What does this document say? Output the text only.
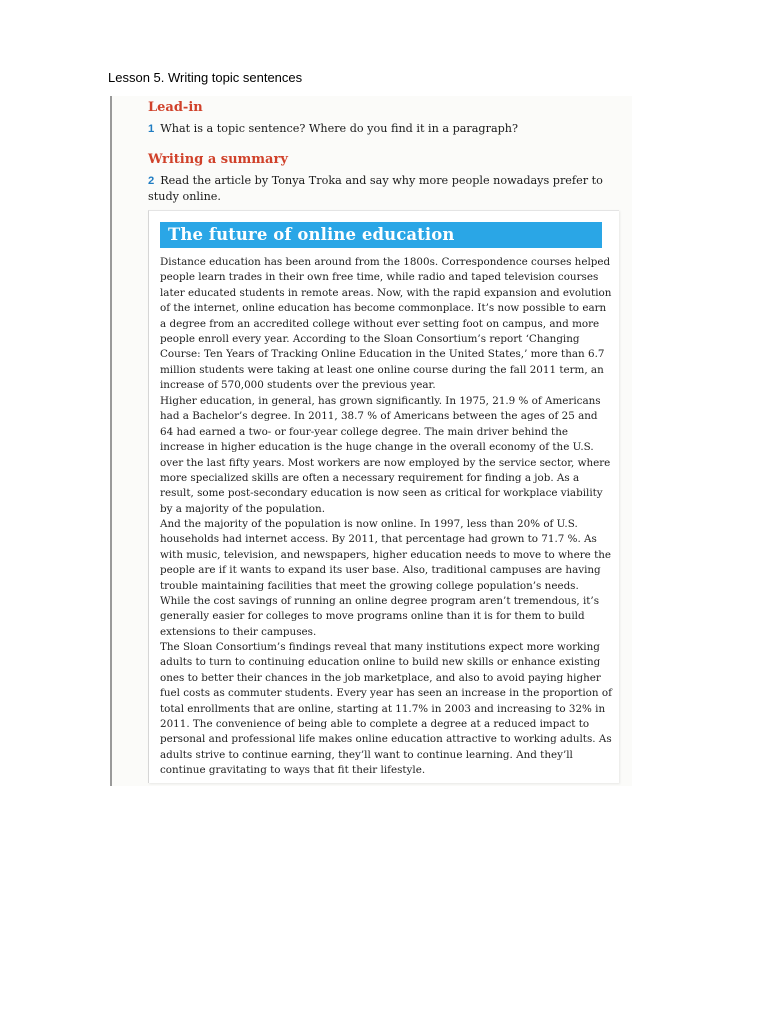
Lesson 5. Writing topic sentences
Lead-in
1 What is a topic sentence? Where do you find it in a paragraph?
Writing a summary
2 Read the article by Tonya Troka and say why more people nowadays prefer to study online.
The future of online education
Distance education has been around from the 1800s. Correspondence courses helped people learn trades in their own free time, while radio and taped television courses later educated students in remote areas. Now, with the rapid expansion and evolution of the internet, online education has become commonplace. It’s now possible to earn a degree from an accredited college without ever setting foot on campus, and more people enroll every year. According to the Sloan Consortium’s report ‘Changing Course: Ten Years of Tracking Online Education in the United States,’ more than 6.7 million students were taking at least one online course during the fall 2011 term, an increase of 570,000 students over the previous year.
Higher education, in general, has grown significantly. In 1975, 21.9 % of Americans had a Bachelor’s degree. In 2011, 38.7 % of Americans between the ages of 25 and 64 had earned a two- or four-year college degree. The main driver behind the increase in higher education is the huge change in the overall economy of the U.S. over the last fifty years. Most workers are now employed by the service sector, where more specialized skills are often a necessary requirement for finding a job. As a result, some post-secondary education is now seen as critical for workplace viability by a majority of the population.
And the majority of the population is now online. In 1997, less than 20% of U.S. households had internet access. By 2011, that percentage had grown to 71.7 %. As with music, television, and newspapers, higher education needs to move to where the people are if it wants to expand its user base. Also, traditional campuses are having trouble maintaining facilities that meet the growing college population’s needs. While the cost savings of running an online degree program aren’t tremendous, it’s generally easier for colleges to move programs online than it is for them to build extensions to their campuses.
The Sloan Consortium’s findings reveal that many institutions expect more working adults to turn to continuing education online to build new skills or enhance existing ones to better their chances in the job marketplace, and also to avoid paying higher fuel costs as commuter students. Every year has seen an increase in the proportion of total enrollments that are online, starting at 11.7% in 2003 and increasing to 32% in 2011. The convenience of being able to complete a degree at a reduced impact to personal and professional life makes online education attractive to working adults. As adults strive to continue earning, they’ll want to continue learning. And they’ll continue gravitating to ways that fit their lifestyle.
